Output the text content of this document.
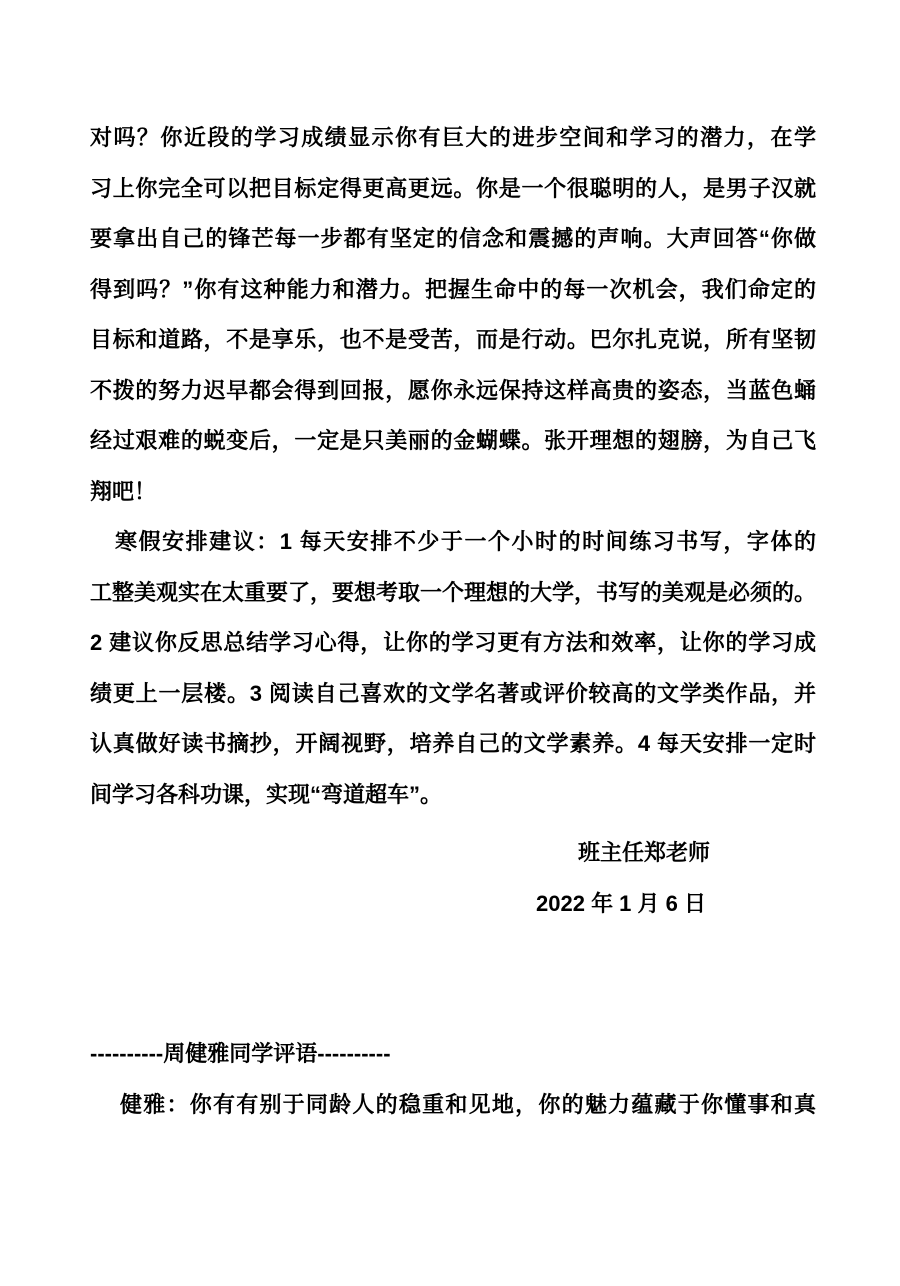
对吗？你近段的学习成绩显示你有巨大的进步空间和学习的潜力，在学
习上你完全可以把目标定得更高更远。你是一个很聪明的人，是男子汉就
要拿出自己的锋芒每一步都有坚定的信念和震撼的声响。大声回答“你做
得到吗？”你有这种能力和潜力。把握生命中的每一次机会，我们命定的
目标和道路，不是享乐，也不是受苦，而是行动。巴尔扎克说，所有坚韧
不拨的努力迟早都会得到回报，愿你永远保持这样高贵的姿态，当蓝色蛹
经过艰难的蜕变后，一定是只美丽的金蝴蝶。张开理想的翅膀，为自己飞
翔吧！
寒假安排建议：1 每天安排不少于一个小时的时间练习书写，字体的
工整美观实在太重要了，要想考取一个理想的大学，书写的美观是必须的。
2 建议你反思总结学习心得，让你的学习更有方法和效率，让你的学习成
绩更上一层楼。3 阅读自己喜欢的文学名著或评价较高的文学类作品，并
认真做好读书摘抄，开阔视野，培养自己的文学素养。4 每天安排一定时
间学习各科功课，实现“弯道超车”。
班主任郑老师
2022 年 1 月 6 日
----------周健雅同学评语----------
健雅：你有有别于同龄人的稳重和见地，你的魅力蕴藏于你懂事和真
